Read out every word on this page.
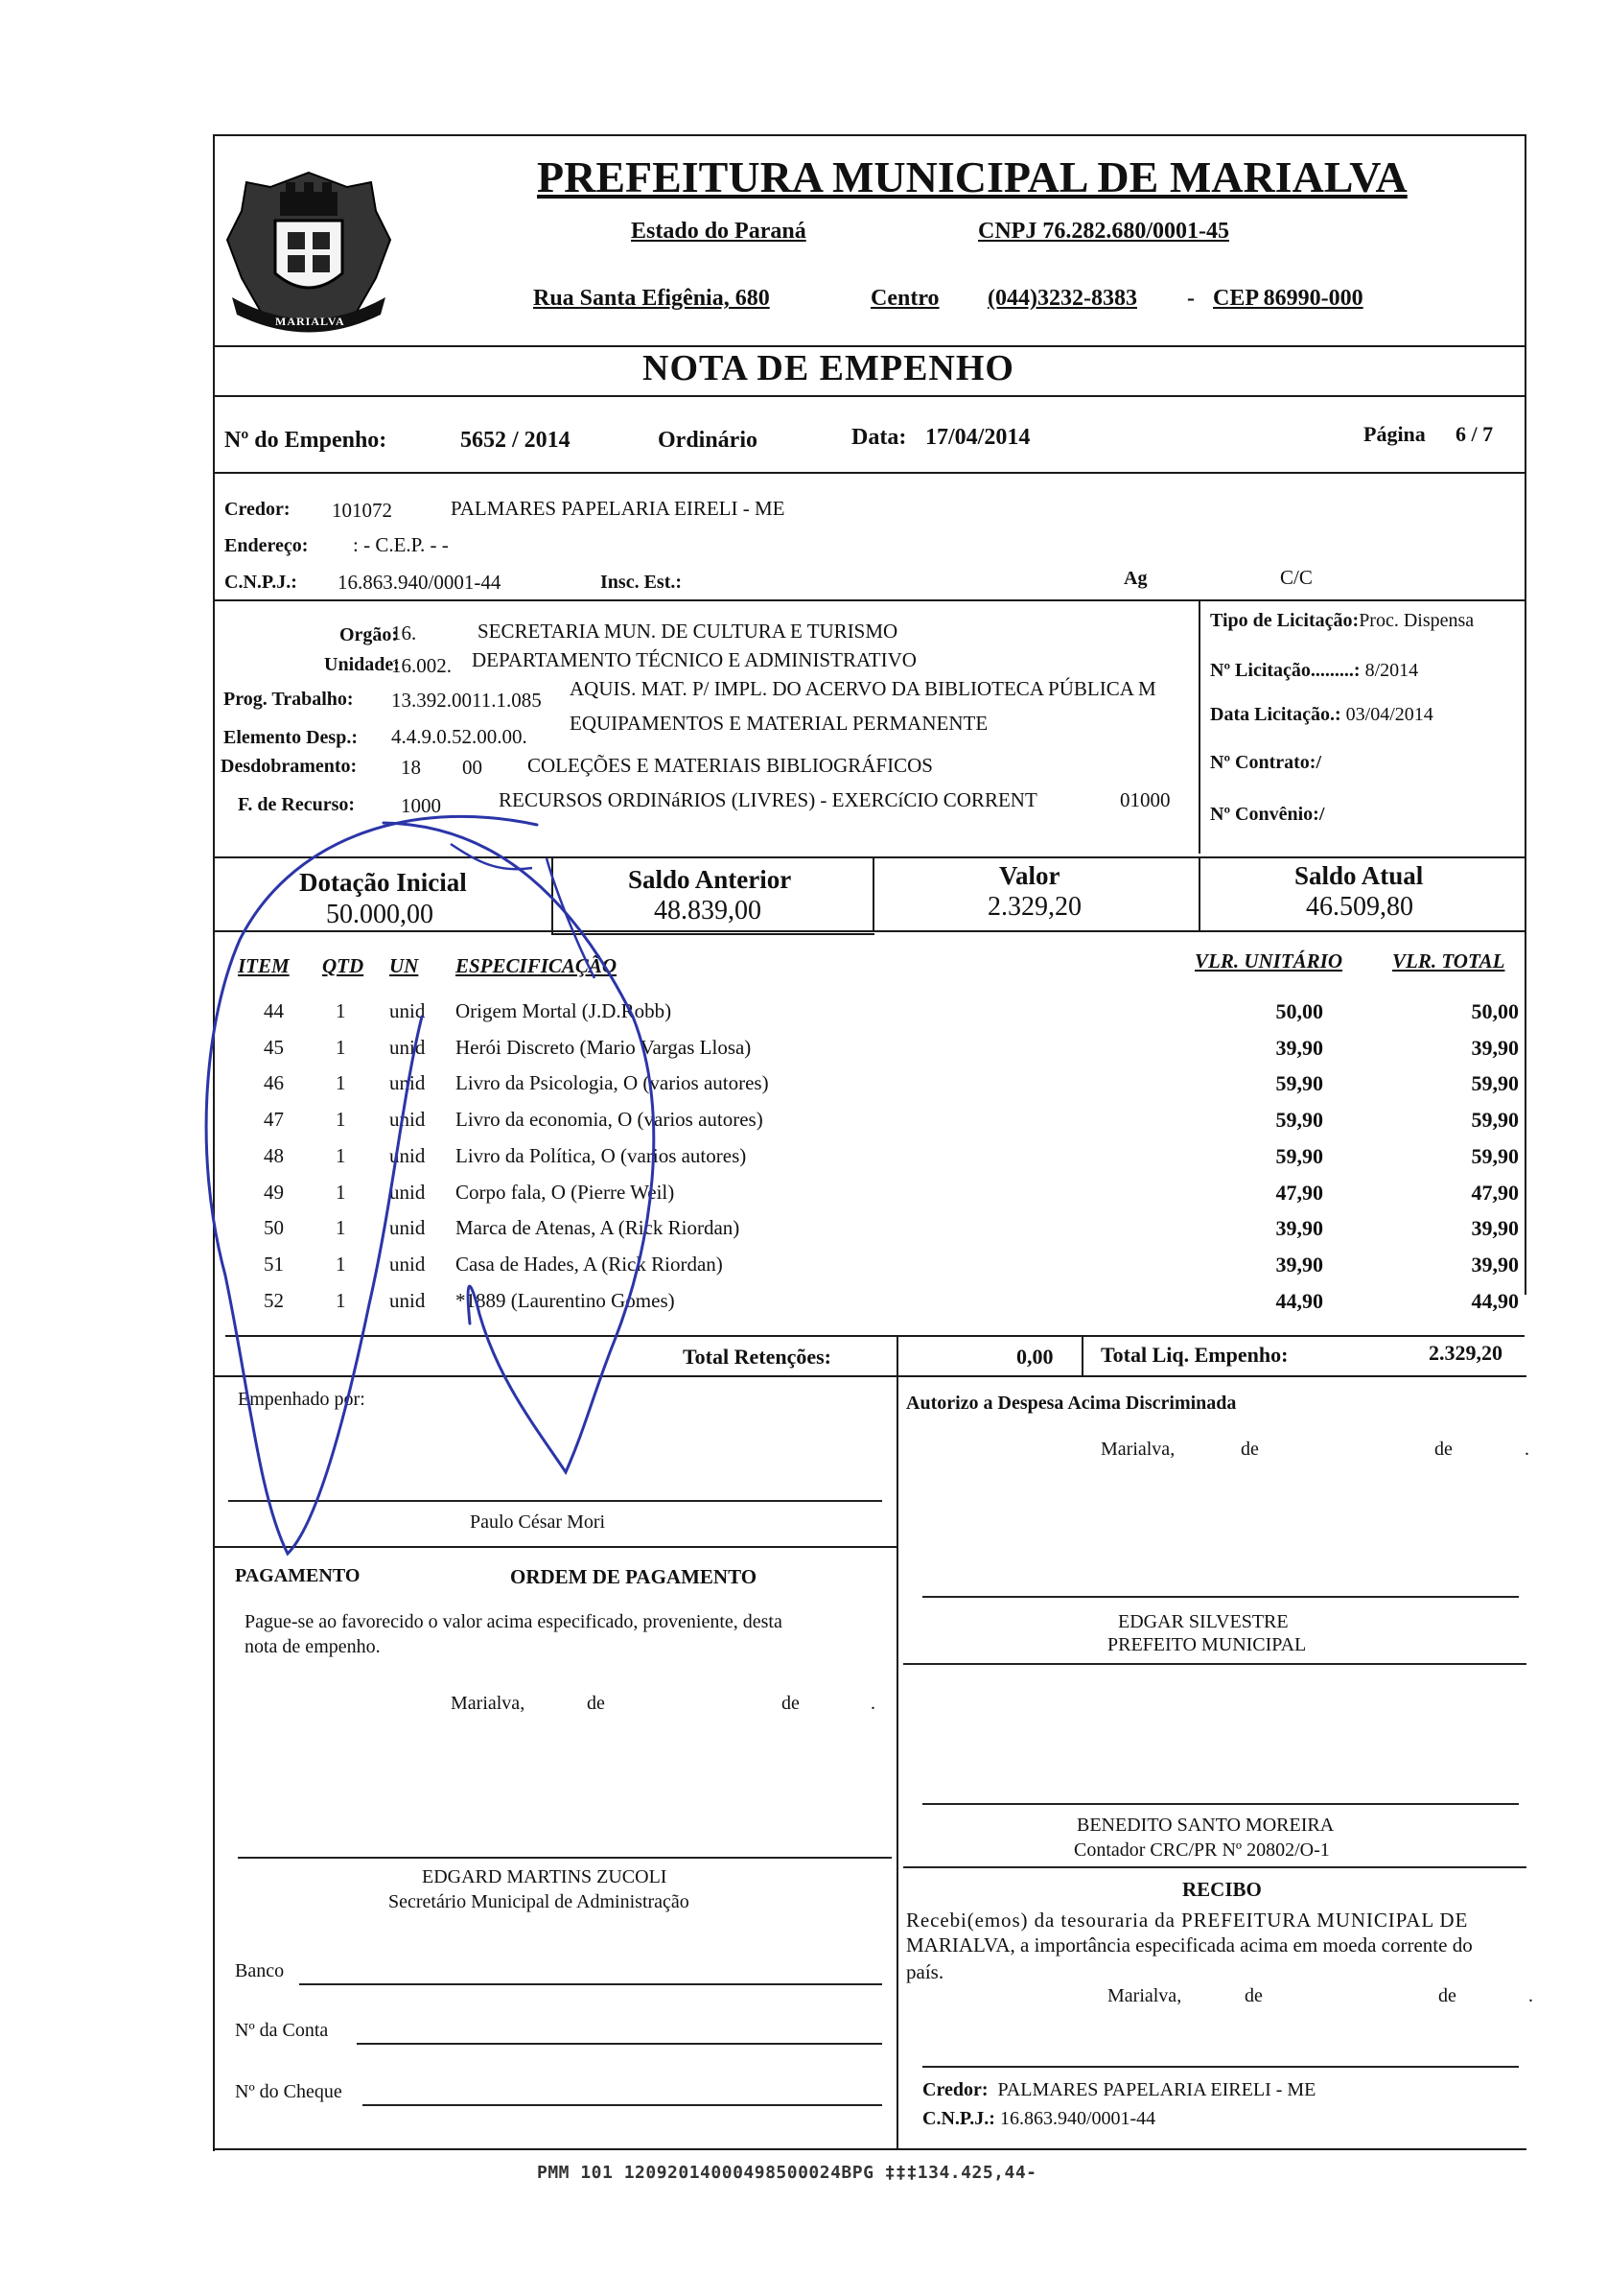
MARIALVA
PREFEITURA MUNICIPAL DE MARIALVA
Estado do Paraná	CNPJ 76.282.680/0001-45
Rua Santa Efigênia, 680	Centro (044)3232-8383 - CEP 86990-000
NOTA DE EMPENHO
Nº do Empenho:	5652 / 2014	Ordinário	Data: 17/04/2014	Página 6 / 7
Credor: 101072	PALMARES PAPELARIA EIRELI - ME
Endereço: : - C.E.P. - -
C.N.P.J.: 16.863.940/0001-44	Insc. Est.:	Ag	C/C
Orgão:
16.	SECRETARIA MUN. DE CULTURA E TURISMO
Unidade:
16.002. DEPARTAMENTO TÉCNICO E ADMINISTRATIVO
Prog. Trabalho: 13.392.0011.1.085 AQUIS. MAT. P/ IMPL. DO ACERVO DA BIBLIOTECA PÚBLICA M
Elemento Desp.: 4.4.9.0.52.00.00.
EQUIPAMENTOS E MATERIAL PERMANENTE
Desdobramento: 18 00 COLEÇÕES E MATERIAIS BIBLIOGRÁFICOS
F. de Recurso: 1000	RECURSOS ORDINáRIOS (LIVRES) - EXERCíCIO CORRENT	01000
Tipo de Licitação:Proc. Dispensa
Nº Licitação.........: 8/2014
Data Licitação.: 03/04/2014
Nº Contrato:/
Nº Convênio:/
Dotação Inicial
50.000,00
Saldo Anterior
48.839,00
Valor
2.329,20
Saldo Atual
46.509,80
ITEM QTD UN ESPECIFICAÇÃO	VLR. UNITÁRIO VLR. TOTAL
44	1 unid Origem Mortal (J.D.Robb)	50,00	50,00
45	1 unid Herói Discreto (Mario Vargas Llosa)	39,90	39,90
46	1 unid Livro da Psicologia, O (varios autores)	59,90	59,90
47	1 unid Livro da economia, O (varios autores)	59,90	59,90
48	1 unid Livro da Política, O (varios autores)	59,90	59,90
49	1 unid Corpo fala, O (Pierre Weil)	47,90	47,90
50	1 unid Marca de Atenas, A (Rick Riordan)	39,90	39,90
51	1 unid Casa de Hades, A (Rick Riordan)	39,90	39,90
52	1 unid *1889 (Laurentino Gomes)	44,90	44,90
Total Retenções:	0,00 Total Liq. Empenho:	2.329,20
Empenhado por:
Paulo César Mori
PAGAMENTO	ORDEM DE PAGAMENTO
Pague-se ao favorecido o valor acima especificado, proveniente, desta
nota de empenho.
Marialva,	de	de	.
EDGARD MARTINS ZUCOLI
Secretário Municipal de Administração
Banco
Nº da Conta
Nº do Cheque
Autorizo a Despesa Acima Discriminada
Marialva,	de	de	.
EDGAR SILVESTRE
PREFEITO MUNICIPAL
BENEDITO SANTO MOREIRA
Contador CRC/PR Nº 20802/O-1
RECIBO
Recebi(emos) da tesouraria da PREFEITURA MUNICIPAL DE
MARIALVA, a importância especificada acima em moeda corrente do
país.
Marialva,	de	de	.
Credor: PALMARES PAPELARIA EIRELI - ME
C.N.P.J.: 16.863.940/0001-44
PMM 101 12092014000498500024BPG ‡‡‡134.425,44-
